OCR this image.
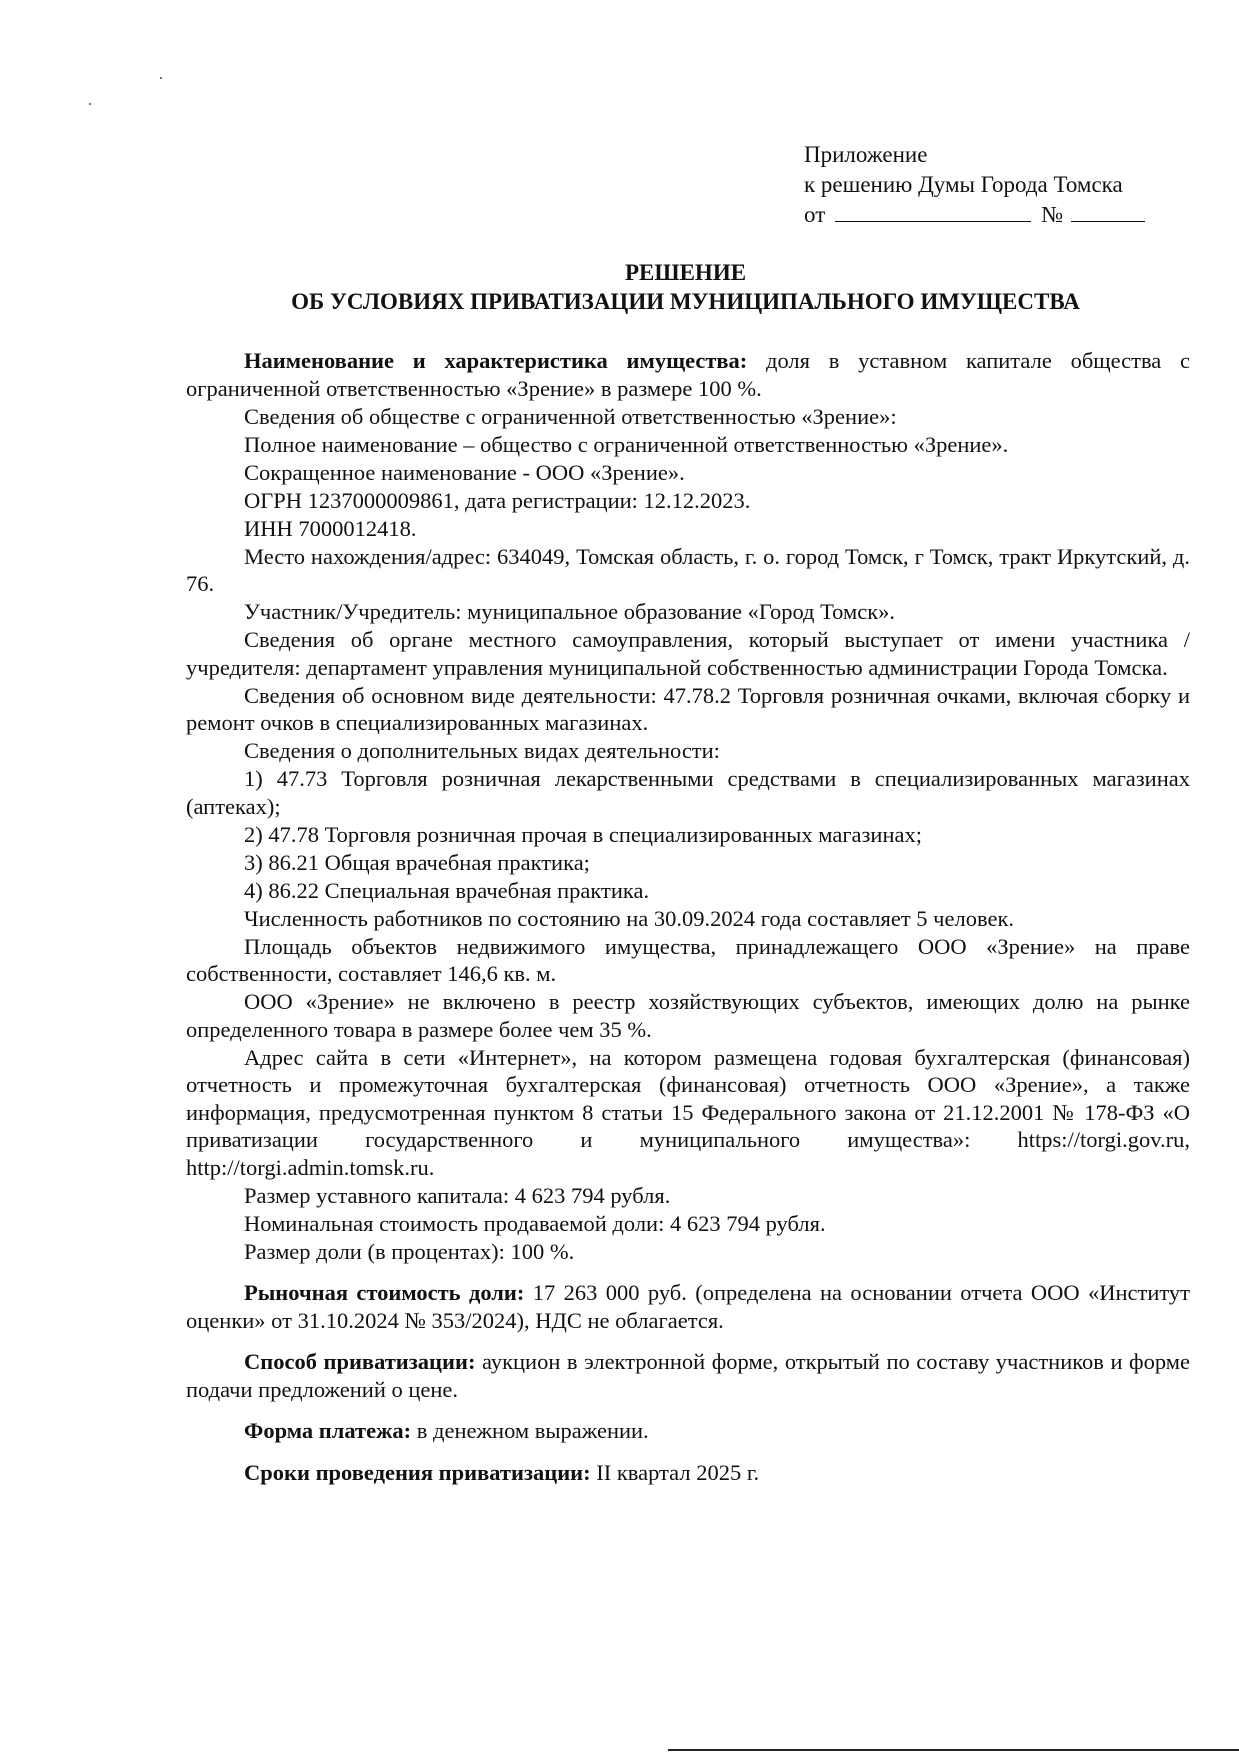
Приложение
к решению Думы Города Томска
от	№
РЕШЕНИЕ
ОБ УСЛОВИЯХ ПРИВАТИЗАЦИИ МУНИЦИПАЛЬНОГО ИМУЩЕСТВА

Наименование и характеристика имущества: доля в уставном капитале общества с ограниченной ответственностью «Зрение» в размере 100 %.

Сведения об обществе с ограниченной ответственностью «Зрение»:

Полное наименование – общество с ограниченной ответственностью «Зрение».

Сокращенное наименование - ООО «Зрение».

ОГРН 1237000009861, дата регистрации: 12.12.2023.

ИНН 7000012418.

Место нахождения/адрес: 634049, Томская область, г. о. город Томск, г Томск, тракт Иркутский, д. 76.

Участник/Учредитель: муниципальное образование «Город Томск».

Сведения об органе местного самоуправления, который выступает от имени участника / учредителя: департамент управления муниципальной собственностью администрации Города Томска.

Сведения об основном виде деятельности: 47.78.2 Торговля розничная очками, включая сборку и ремонт очков в специализированных магазинах.

Сведения о дополнительных видах деятельности:

1) 47.73 Торговля розничная лекарственными средствами в специализированных магазинах (аптеках);

2) 47.78 Торговля розничная прочая в специализированных магазинах;

3) 86.21 Общая врачебная практика;

4) 86.22 Специальная врачебная практика.

Численность работников по состоянию на 30.09.2024 года составляет 5 человек.

Площадь объектов недвижимого имущества, принадлежащего ООО «Зрение» на праве собственности, составляет 146,6 кв. м.

ООО «Зрение» не включено в реестр хозяйствующих субъектов, имеющих долю на рынке определенного товара в размере более чем 35 %.

Адрес сайта в сети «Интернет», на котором размещена годовая бухгалтерская (финансовая) отчетность и промежуточная бухгалтерская (финансовая) отчетность ООО «Зрение», а также информация, предусмотренная пунктом 8 статьи 15 Федерального закона от 21.12.2001 № 178-ФЗ «О приватизации государственного и муниципального имущества»: https://torgi.gov.ru, http://torgi.admin.tomsk.ru.

Размер уставного капитала: 4 623 794 рубля.

Номинальная стоимость продаваемой доли: 4 623 794 рубля.

Размер доли (в процентах): 100 %.

Рыночная стоимость доли: 17 263 000 руб. (определена на основании отчета ООО «Институт оценки» от 31.10.2024 № 353/2024), НДС не облагается.

Способ приватизации: аукцион в электронной форме, открытый по составу участников и форме подачи предложений о цене.

Форма платежа: в денежном выражении.

Сроки проведения приватизации: II квартал 2025 г.
